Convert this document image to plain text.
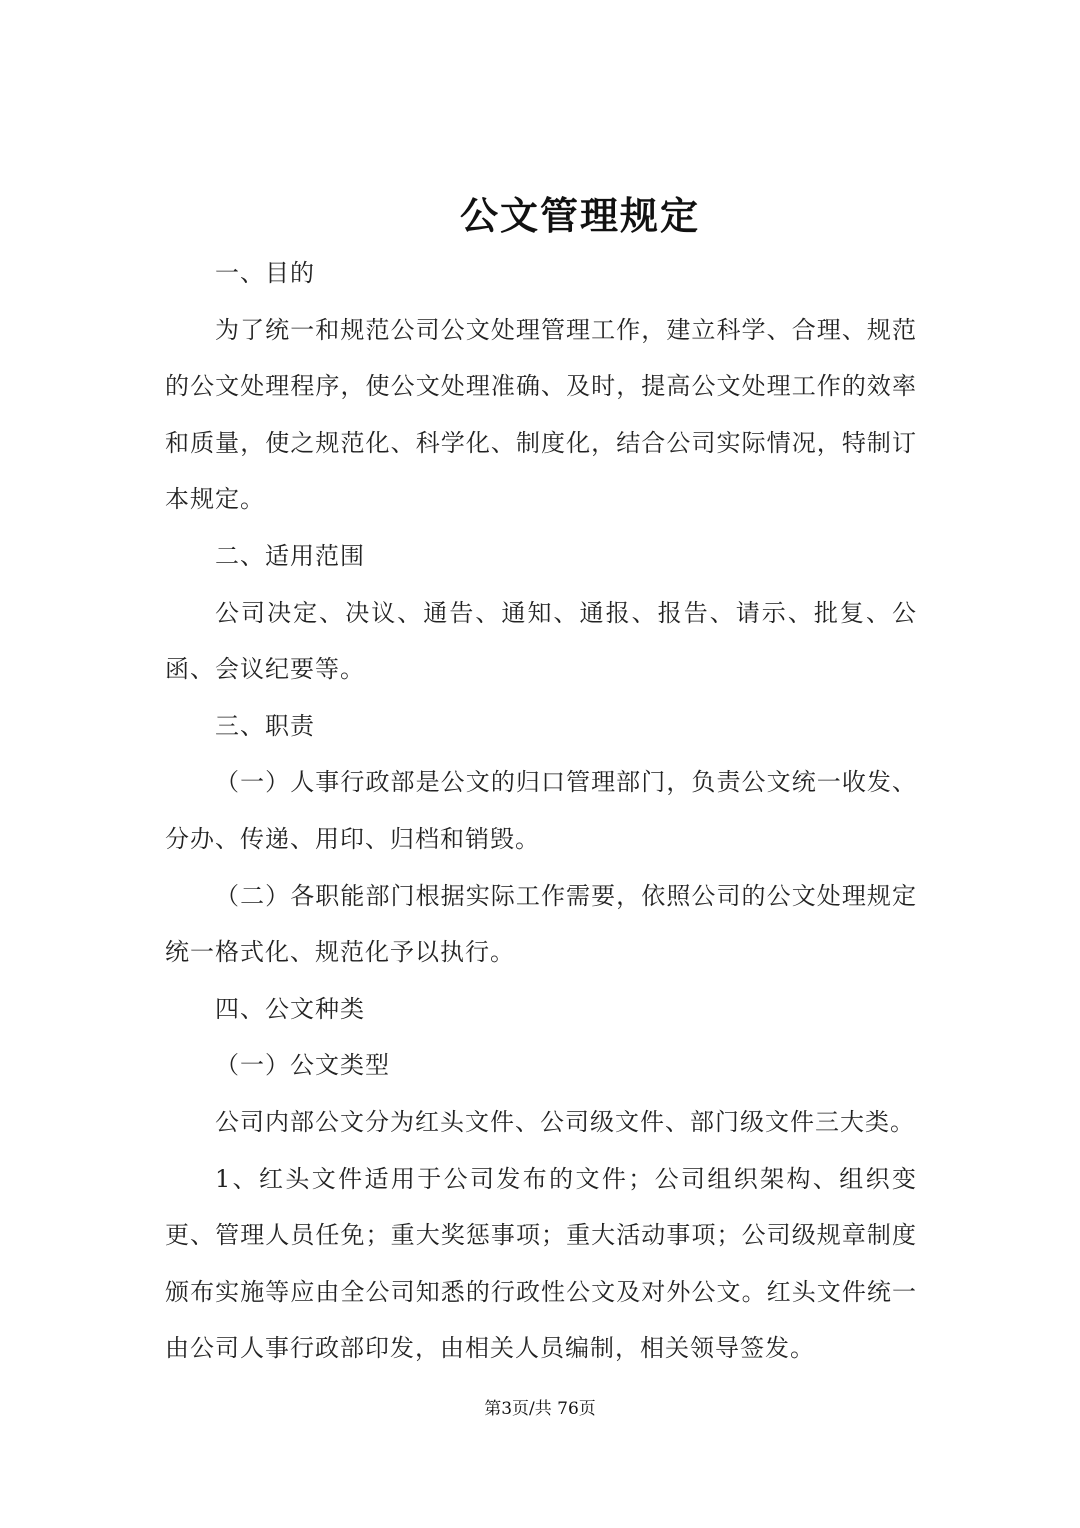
公文管理规定

一、目的

为了统一和规范公司公文处理管理工作，建立科学、合理、规范的公文处理程序，使公文处理准确、及时，提高公文处理工作的效率和质量，使之规范化、科学化、制度化，结合公司实际情况，特制订本规定。

二、适用范围

公司决定、决议、通告、通知、通报、报告、请示、批复、公函、会议纪要等。

三、职责

（一）人事行政部是公文的归口管理部门，负责公文统一收发、分办、传递、用印、归档和销毁。

（二）各职能部门根据实际工作需要，依照公司的公文处理规定统一格式化、规范化予以执行。

四、公文种类

（一）公文类型

公司内部公文分为红头文件、公司级文件、部门级文件三大类。

1、红头文件适用于公司发布的文件；公司组织架构、组织变更、管理人员任免；重大奖惩事项；重大活动事项；公司级规章制度颁布实施等应由全公司知悉的行政性公文及对外公文。红头文件统一由公司人事行政部印发，由相关人员编制，相关领导签发。

第3页/共 76页
